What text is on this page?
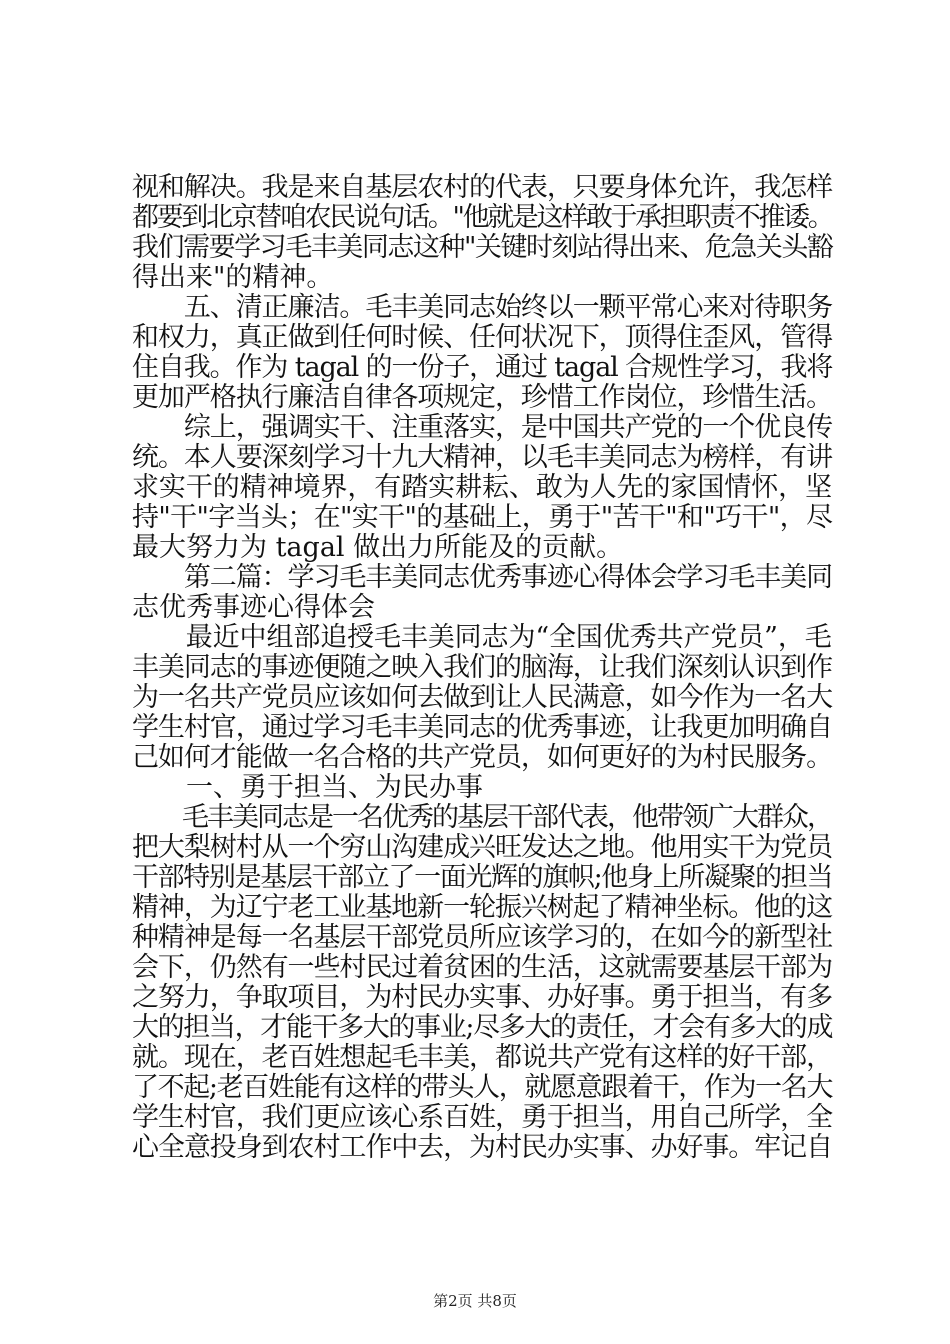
视和解决。我是来自基层农村的代表，只要身体允许，我怎样
都要到北京替咱农民说句话。"他就是这样敢于承担职责不推诿。
我们需要学习毛丰美同志这种"关键时刻站得出来、危急关头豁
得出来"的精神。
　　五、清正廉洁。毛丰美同志始终以一颗平常心来对待职务
和权力，真正做到任何时候、任何状况下，顶得住歪风，管得
住自我。作为 tagal 的一份子，通过 tagal 合规性学习，我将
更加严格执行廉洁自律各项规定，珍惜工作岗位，珍惜生活。
　　综上，强调实干、注重落实，是中国共产党的一个优良传
统。本人要深刻学习十九大精神，以毛丰美同志为榜样，有讲
求实干的精神境界，有踏实耕耘、敢为人先的家国情怀，坚
持"干"字当头；在"实干"的基础上，勇于"苦干"和"巧干"，尽
最大努力为 tagal 做出力所能及的贡献。
　　第二篇：学习毛丰美同志优秀事迹心得体会学习毛丰美同
志优秀事迹心得体会
　　最近中组部追授毛丰美同志为“全国优秀共产党员”，毛
丰美同志的事迹便随之映入我们的脑海，让我们深刻认识到作
为一名共产党员应该如何去做到让人民满意，如今作为一名大
学生村官，通过学习毛丰美同志的优秀事迹，让我更加明确自
己如何才能做一名合格的共产党员，如何更好的为村民服务。
　　一、勇于担当、为民办事
　　毛丰美同志是一名优秀的基层干部代表，他带领广大群众，
把大梨树村从一个穷山沟建成兴旺发达之地。他用实干为党员
干部特别是基层干部立了一面光辉的旗帜;他身上所凝聚的担当
精神，为辽宁老工业基地新一轮振兴树起了精神坐标。他的这
种精神是每一名基层干部党员所应该学习的，在如今的新型社
会下，仍然有一些村民过着贫困的生活，这就需要基层干部为
之努力，争取项目，为村民办实事、办好事。勇于担当，有多
大的担当，才能干多大的事业;尽多大的责任，才会有多大的成
就。现在，老百姓想起毛丰美，都说共产党有这样的好干部，
了不起;老百姓能有这样的带头人，就愿意跟着干，作为一名大
学生村官，我们更应该心系百姓，勇于担当，用自己所学，全
心全意投身到农村工作中去，为村民办实事、办好事。牢记自
第2页 共8页
